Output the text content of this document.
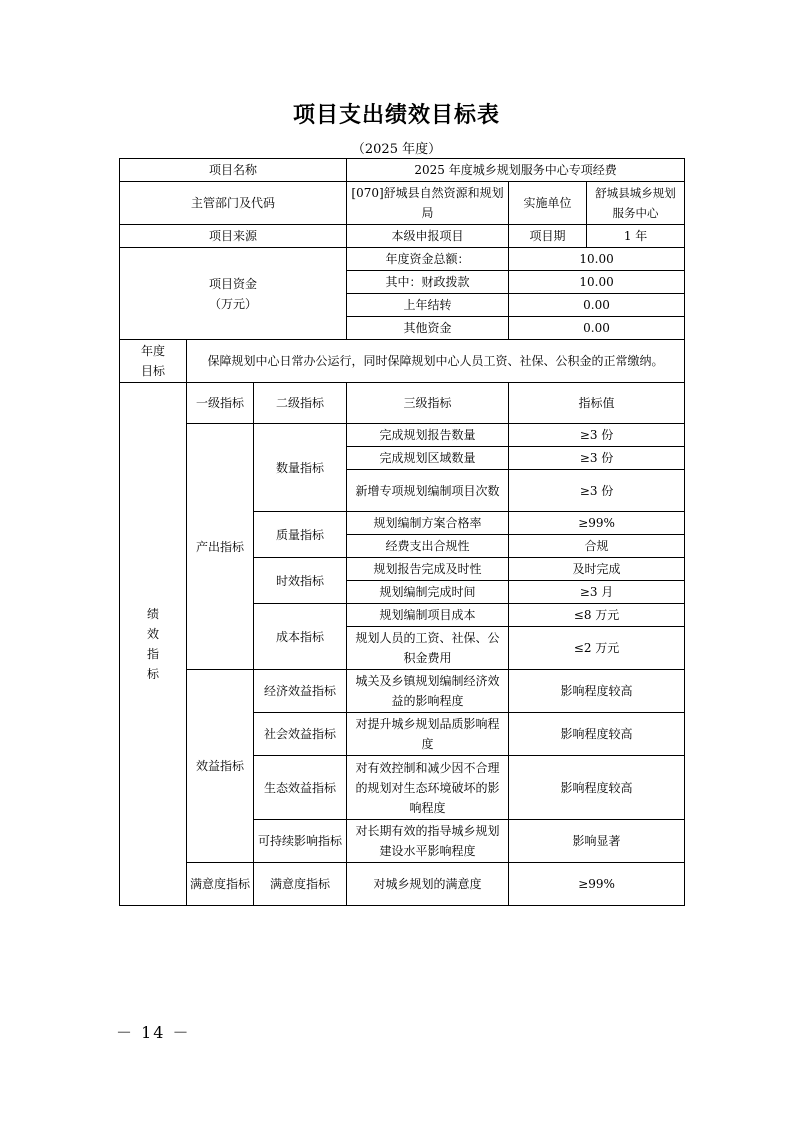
项目支出绩效目标表
（2025 年度）
项目名称			2025 年度城乡规划服务中心专项经费		
主管部门及代码			[070]舒城县自然资源和规划局	实施单位	舒城县城乡规划服务中心
项目来源			本级申报项目	项目期	1 年

项目资金
（万元）			年度资金总额：	10.00	
			其中：财政拨款	10.00	
			上年结转	0.00	
			其他资金	0.00	

年度
目标	保障规划中心日常办公运行，同时保障规划中心人员工资、社保、公积金的正常缴纳。				

绩
效
指
标	一级指标	二级指标	三级指标	指标值	
	产出指标	数量指标	完成规划报告数量	≥3 份	
			完成规划区域数量	≥3 份	
			新增专项规划编制项目次数	≥3 份	
		质量指标	规划编制方案合格率	≥99%	
			经费支出合规性	合规	
		时效指标	规划报告完成及时性	及时完成	
			规划编制完成时间	≥3 月	
		成本指标	规划编制项目成本	≤8 万元	
			规划人员的工资、社保、公积金费用	≤2 万元	
	效益指标	经济效益指标	城关及乡镇规划编制经济效益的影响程度	影响程度较高	
		社会效益指标	对提升城乡规划品质影响程度	影响程度较高	
		生态效益指标	对有效控制和减少因不合理的规划对生态环境破坏的影响程度	影响程度较高	
		可持续影响指标	对长期有效的指导城乡规划建设水平影响程度	影响显著	
	满意度指标	满意度指标	对城乡规划的满意度	≥99%	
－ 14 －
